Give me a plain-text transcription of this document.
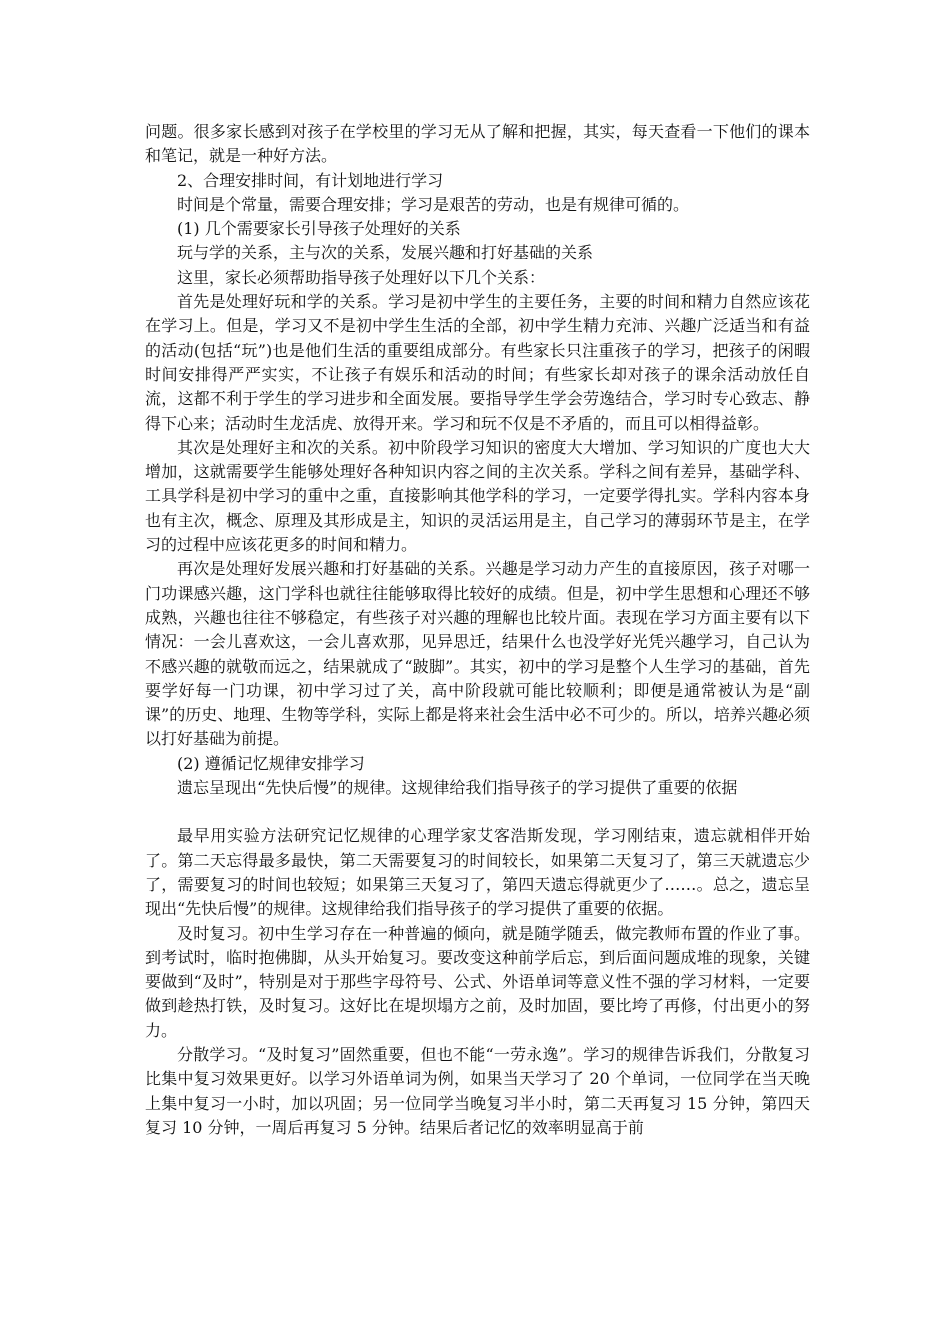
问题。很多家长感到对孩子在学校里的学习无从了解和把握，其实，每天查看一下他们的课本和笔记，就是一种好方法。

2、合理安排时间，有计划地进行学习

时间是个常量，需要合理安排；学习是艰苦的劳动，也是有规律可循的。

(1) 几个需要家长引导孩子处理好的关系

玩与学的关系，主与次的关系，发展兴趣和打好基础的关系

这里，家长必须帮助指导孩子处理好以下几个关系：

首先是处理好玩和学的关系。学习是初中学生的主要任务，主要的时间和精力自然应该花在学习上。但是，学习又不是初中学生生活的全部，初中学生精力充沛、兴趣广泛适当和有益的活动(包括“玩”)也是他们生活的重要组成部分。有些家长只注重孩子的学习，把孩子的闲暇时间安排得严严实实，不让孩子有娱乐和活动的时间；有些家长却对孩子的课余活动放任自流，这都不利于学生的学习进步和全面发展。要指导学生学会劳逸结合，学习时专心致志、静得下心来；活动时生龙活虎、放得开来。学习和玩不仅是不矛盾的，而且可以相得益彰。

其次是处理好主和次的关系。初中阶段学习知识的密度大大增加、学习知识的广度也大大增加，这就需要学生能够处理好各种知识内容之间的主次关系。学科之间有差异，基础学科、工具学科是初中学习的重中之重，直接影响其他学科的学习，一定要学得扎实。学科内容本身也有主次，概念、原理及其形成是主，知识的灵活运用是主，自己学习的薄弱环节是主，在学习的过程中应该花更多的时间和精力。

再次是处理好发展兴趣和打好基础的关系。兴趣是学习动力产生的直接原因，孩子对哪一门功课感兴趣，这门学科也就往往能够取得比较好的成绩。但是，初中学生思想和心理还不够成熟，兴趣也往往不够稳定，有些孩子对兴趣的理解也比较片面。表现在学习方面主要有以下情况：一会儿喜欢这，一会儿喜欢那，见异思迁，结果什么也没学好光凭兴趣学习，自己认为不感兴趣的就敬而远之，结果就成了“跛脚”。其实，初中的学习是整个人生学习的基础，首先要学好每一门功课，初中学习过了关，高中阶段就可能比较顺利；即便是通常被认为是“副课”的历史、地理、生物等学科，实际上都是将来社会生活中必不可少的。所以，培养兴趣必须以打好基础为前提。

(2) 遵循记忆规律安排学习

遗忘呈现出“先快后慢”的规律。这规律给我们指导孩子的学习提供了重要的依据

最早用实验方法研究记忆规律的心理学家艾客浩斯发现，学习刚结束，遗忘就相伴开始了。第二天忘得最多最快，第二天需要复习的时间较长，如果第二天复习了，第三天就遗忘少了，需要复习的时间也较短；如果第三天复习了，第四天遗忘得就更少了……。总之，遗忘呈现出“先快后慢”的规律。这规律给我们指导孩子的学习提供了重要的依据。

及时复习。初中生学习存在一种普遍的倾向，就是随学随丢，做完教师布置的作业了事。到考试时，临时抱佛脚，从头开始复习。要改变这种前学后忘，到后面问题成堆的现象，关键要做到“及时”，特别是对于那些字母符号、公式、外语单词等意义性不强的学习材料，一定要做到趁热打铁，及时复习。这好比在堤坝塌方之前，及时加固，要比垮了再修，付出更小的努力。

分散学习。“及时复习”固然重要，但也不能“一劳永逸”。学习的规律告诉我们，分散复习比集中复习效果更好。以学习外语单词为例，如果当天学习了 20 个单词，一位同学在当天晚上集中复习一小时，加以巩固；另一位同学当晚复习半小时，第二天再复习 15 分钟，第四天复习 10 分钟，一周后再复习 5 分钟。结果后者记忆的效率明显高于前
